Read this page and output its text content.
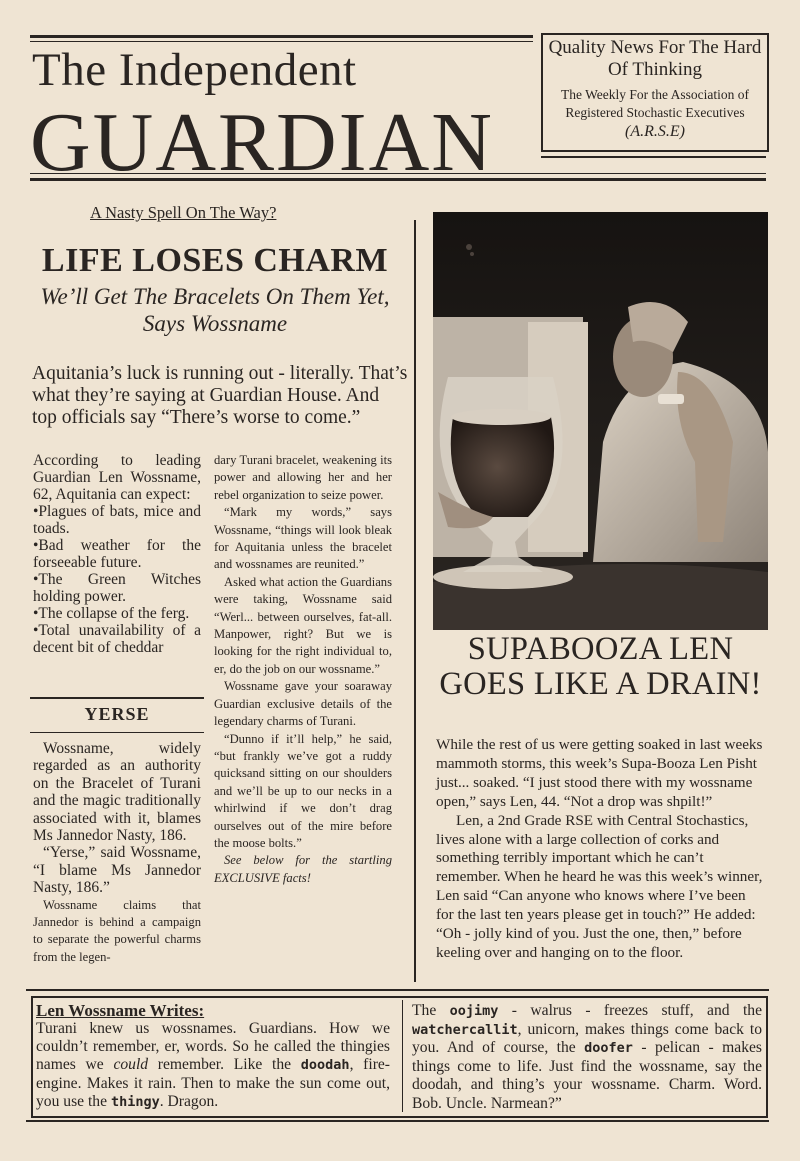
The Independent
GUARDIAN
Quality News For The Hard Of Thinking
The Weekly For the Association of Registered Stochastic Executives
(A.R.S.E)
A Nasty Spell On The Way?
LIFE LOSES CHARM
We’ll Get The Bracelets On Them Yet, Says Wossname
Aquitania’s luck is running out - literally. That’s what they’re saying at Guardian House. And top officials say “There’s worse to come.”

According to leading Guardian Len Wossname, 62, Aquitania can expect:

•Plagues of bats, mice and toads.

•Bad weather for the forseeable future.

•The Green Witches holding power.

•The collapse of the ferg.

•Total unavailability of a decent bit of cheddar

YERSE

Wossname, widely regarded as an authority on the Bracelet of Turani and the magic traditionally associated with it, blames Ms Jannedor Nasty, 186.

“Yerse,” said Wossname, “I blame Ms Jannedor Nasty, 186.”

Wossname claims that Jannedor is behind a campaign to separate the powerful charms from the legen-

dary Turani bracelet, weakening its power and allowing her and her rebel organization to seize power.

“Mark my words,” says Wossname, “things will look bleak for Aquitania unless the bracelet and wossnames are reunited.”

Asked what action the Guardians were taking, Wossname said “Werl... between ourselves, fat-all. Manpower, right? But we is looking for the right individual to, er, do the job on our wossname.”

Wossname gave your soaraway Guardian exclusive details of the legendary charms of Turani.

“Dunno if it’ll help,” he said, “but frankly we’ve got a ruddy quicksand sitting on our shoulders and we’ll be up to our necks in a whirlwind if we don’t drag ourselves out of the mire before the moose bolts.”

See below for the startling EXCLUSIVE facts!

SUPABOOZA LEN GOES LIKE A DRAIN!

While the rest of us were getting soaked in last weeks mammoth storms, this week’s Supa-Booza Len Pisht just... soaked. “I just stood there with my wossname open,” says Len, 44. “Not a drop was shpilt!”

Len, a 2nd Grade RSE with Central Stochastics, lives alone with a large collection of corks and something terribly important which he can’t remember. When he heard he was this week’s winner, Len said “Can anyone who knows where I’ve been for the last ten years please get in touch?” He added: “Oh - jolly kind of you. Just the one, then,” before keeling over and hanging on to the floor.

Len Wossname Writes:
Turani knew us wossnames. Guardians. How we couldn’t remember, er, words. So he called the thingies names we could remember. Like the doodah, fire-engine. Makes it rain. Then to make the sun come out, you use the thingy. Dragon.
The oojimy - walrus - freezes stuff, and the watchercallit, unicorn, makes things come back to you. And of course, the doofer - pelican - makes things come to life. Just find the wossname, say the doodah, and thing’s your wossname. Charm. Word. Bob. Uncle. Narmean?”
